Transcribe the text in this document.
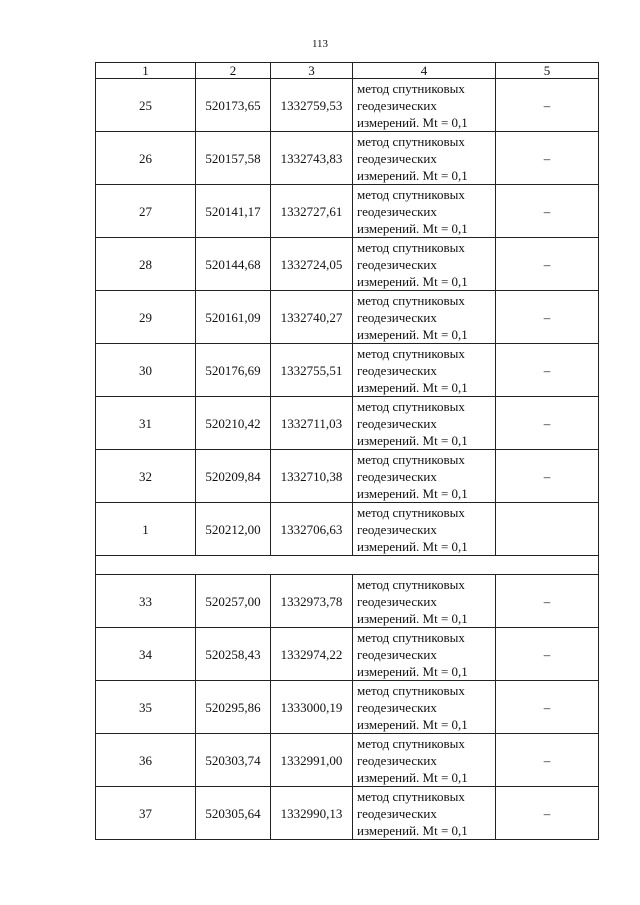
113
1	2	3	4	5
25	520173,65	1332759,53	метод спутниковых
геодезических
измерений. Mt = 0,1	–
26	520157,58	1332743,83	метод спутниковых
геодезических
измерений. Mt = 0,1	–
27	520141,17	1332727,61	метод спутниковых
геодезических
измерений. Mt = 0,1	–
28	520144,68	1332724,05	метод спутниковых
геодезических
измерений. Mt = 0,1	–
29	520161,09	1332740,27	метод спутниковых
геодезических
измерений. Mt = 0,1	–
30	520176,69	1332755,51	метод спутниковых
геодезических
измерений. Mt = 0,1	–
31	520210,42	1332711,03	метод спутниковых
геодезических
измерений. Mt = 0,1	–
32	520209,84	1332710,38	метод спутниковых
геодезических
измерений. Mt = 0,1	–
1	520212,00	1332706,63	метод спутниковых
геодезических
измерений. Mt = 0,1	

33	520257,00	1332973,78	метод спутниковых
геодезических
измерений. Mt = 0,1	–
34	520258,43	1332974,22	метод спутниковых
геодезических
измерений. Mt = 0,1	–
35	520295,86	1333000,19	метод спутниковых
геодезических
измерений. Mt = 0,1	–
36	520303,74	1332991,00	метод спутниковых
геодезических
измерений. Mt = 0,1	–
37	520305,64	1332990,13	метод спутниковых
геодезических
измерений. Mt = 0,1	–
